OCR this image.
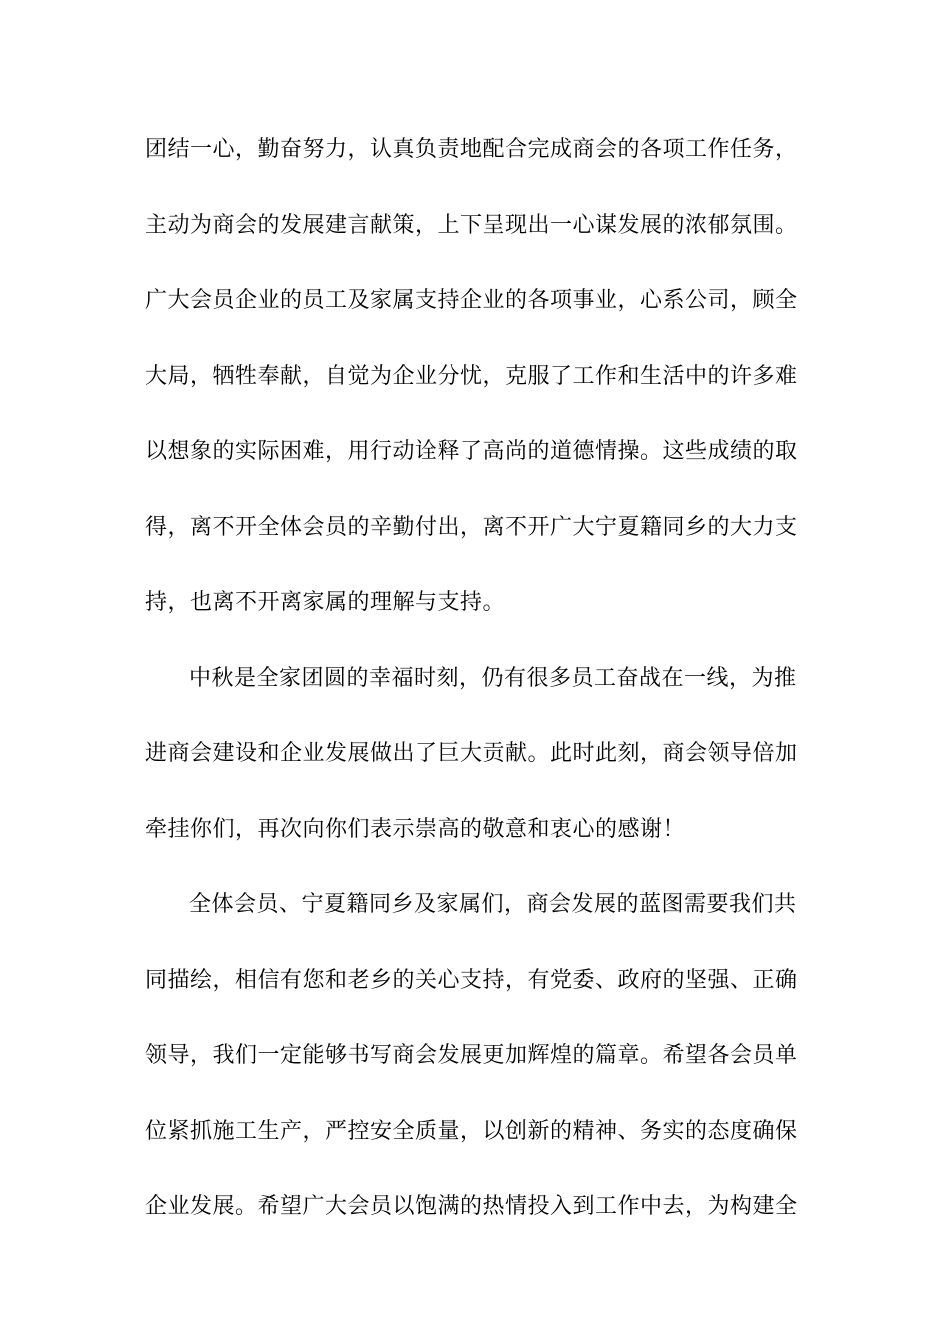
团结一心，勤奋努力，认真负责地配合完成商会的各项工作任务，
主动为商会的发展建言献策，上下呈现出一心谋发展的浓郁氛围。
广大会员企业的员工及家属支持企业的各项事业，心系公司，顾全
大局，牺牲奉献，自觉为企业分忧，克服了工作和生活中的许多难
以想象的实际困难，用行动诠释了高尚的道德情操。这些成绩的取
得，离不开全体会员的辛勤付出，离不开广大宁夏籍同乡的大力支
持，也离不开离家属的理解与支持。
中秋是全家团圆的幸福时刻，仍有很多员工奋战在一线，为推
进商会建设和企业发展做出了巨大贡献。此时此刻，商会领导倍加
牵挂你们，再次向你们表示崇高的敬意和衷心的感谢！
全体会员、宁夏籍同乡及家属们，商会发展的蓝图需要我们共
同描绘，相信有您和老乡的关心支持，有党委、政府的坚强、正确
领导，我们一定能够书写商会发展更加辉煌的篇章。希望各会员单
位紧抓施工生产，严控安全质量，以创新的精神、务实的态度确保
企业发展。希望广大会员以饱满的热情投入到工作中去，为构建全
